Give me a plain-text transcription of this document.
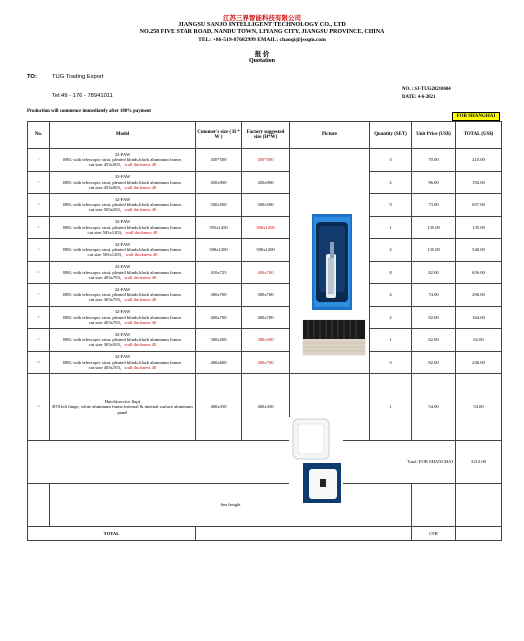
江苏三界智能科技有限公司
JIANGSU SANJO INTELLIGENT TECHNOLOGY CO., LTD
NO.258 FIVE STAR ROAD, NANDU TOWN, LIYANG CITY, JIANGSU PROVINCE, CHINA
TEL: +86-519-87682999 EMAIL: chaoqi@jssqm.com
报 价
Quotation
TO:	TUG Trading Export
Tel:49 - 176 - 78941011
NO. : SJ-TUG20210604
DATE: 4-6-2021
Production will commence immediately after 100% payment
FOB SHANGHAI
No.	Model	Cutomer's size ( H * W )	Factory suggested size (H*W)	Picture	Quantity (SET)	Unit Price (US$)	TOTAL (US$)
1	32-FAW
R80, with telescopic strut, pleated blinds,black aluminum frame.
cut size 453x503，wall thickness 40	450*500	450*500		3	70.00	210.00
2	32-FAW
R80, with telescopic strut, pleated blinds,black aluminum frame.
cut size 453x903，wall thickness 40	450x900	450x900		2	96.00	192.00
3	32-FAW
R80, with telescopic strut, pleated blinds,black aluminum frame.
cut size 503x503，wall thickness 40	500x500	500x500		9	73.00	657.00
4	32-FAW
R80, with telescopic strut, pleated blinds,black aluminum frame.
cut size 503x1203，wall thickness 40	595x1450	500x1200		1	135.00	135.00
5	32-FAW
R80, with telescopic strut, pleated blinds,black aluminum frame.
cut size 503x1203，wall thickness 40	500x1200	500x1200		4	135.00	540.00
6	32-FAW
R80, with telescopic strut, pleated blinds,black aluminum frame.
cut size 403x703，wall thickness 40	410x725	400x700		8	82.00	656.00
7	32-FAW
R80, with telescopic strut, pleated blinds,black aluminum frame.
cut size 303x703，wall thickness 40	300x700	300x700		4	74.00	296.00
8	32-FAW
R80, with telescopic strut, pleated blinds,black aluminum frame.
cut size 403x703，wall thickness 40	400x700	400x700		2	82.00	164.00
9	32-FAW
R80, with telescopic strut, pleated blinds,black aluminum frame.
cut size 303x503，wall thickness 40	300x500	300x500		1	62.00	62.00
10	32-FAW
R80, with telescopic strut, pleated blinds,black aluminum frame.
cut size 403x703，wall thickness 40	400x600	400x700		3	82.00	246.00
11	Hatch(service flap)
R70,left hinge, white aluminum frame,external & internal surface aluminum panel	400x350	400x350		1	54.00	54.00
Total: FOB SHANGHAI							3212.00
	Sea freight						
TOTAL						CFR	
